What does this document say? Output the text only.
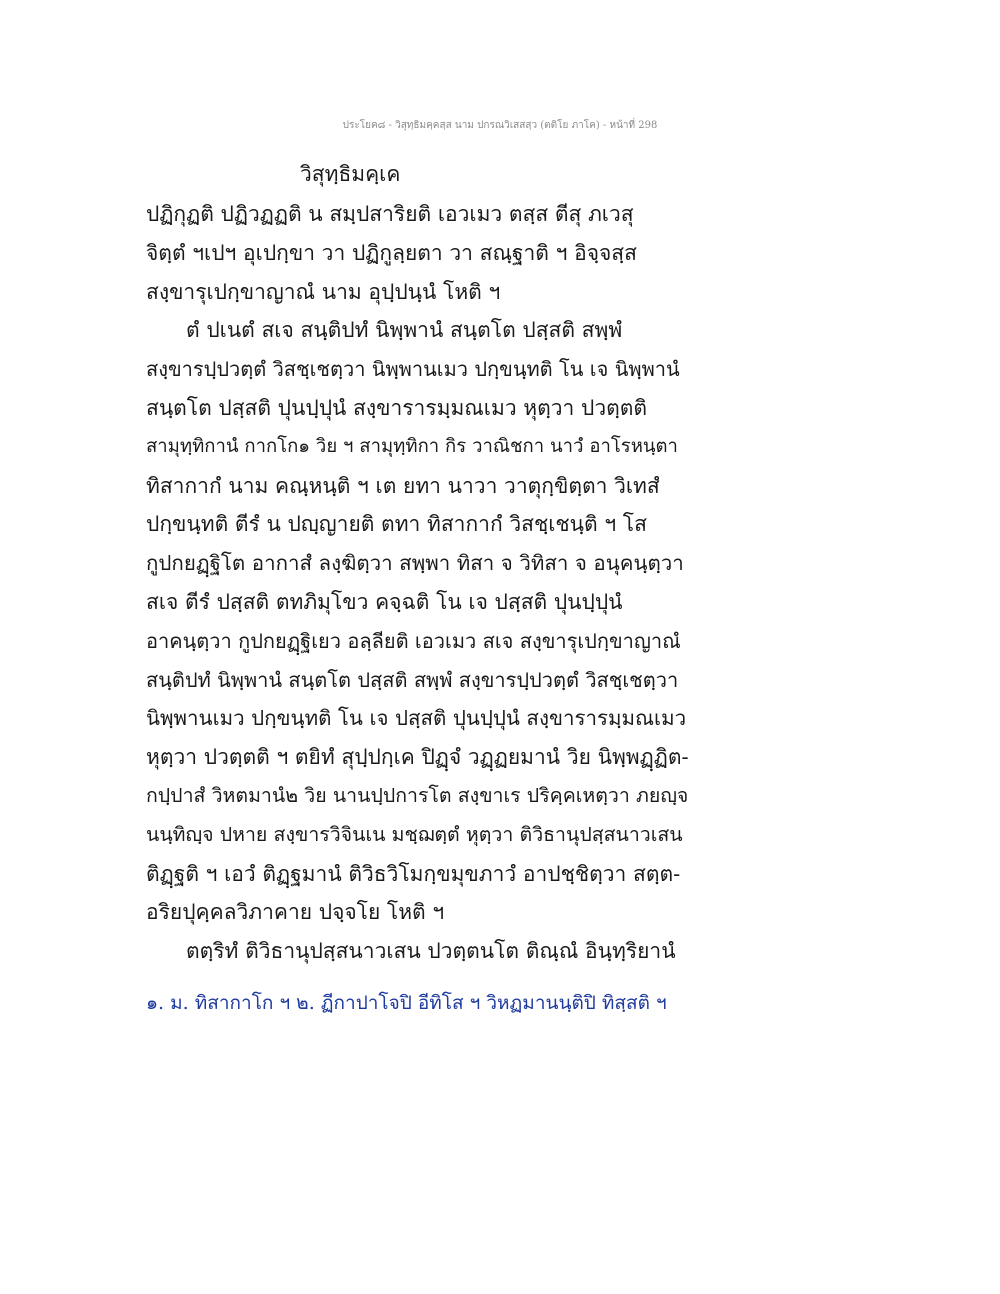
ประโยค๘ - วิสุทฺธิมคฺคสฺส นาม ปกรณวิเสสสฺว (ตติโย ภาโค) - หน้าที่ 298
วิสุทฺธิมคฺเค
ปฏิกุฏติ ปฏิวฏฏติ น สมฺปสาริยติ เอวเมว ตสฺส ตีสุ ภเวสุ
จิตฺตํ ฯเปฯ อุเปกฺขา วา ปฏิกูลฺยตา วา สณฺฐาติ ฯ อิจฺจสฺส
สงฺขารุเปกฺขาญาณํ นาม อุปฺปนฺนํ โหติ ฯ
ตํ ปเนตํ สเจ สนฺติปทํ นิพฺพานํ สนฺตโต ปสฺสติ สพฺพํ
สงฺขารปฺปวตฺตํ วิสชฺเชตฺวา นิพฺพานเมว ปกฺขนฺทติ โน เจ นิพฺพานํ
สนฺตโต ปสฺสติ ปุนปฺปุนํ สงฺขารารมฺมณเมว หุตฺวา ปวตฺตติ
สามุทฺทิกานํ กากโก๑ วิย ฯ สามุทฺทิกา กิร วาณิชกา นาวํ อาโรหนฺตา
ทิสากากํ นาม คณฺหนฺติ ฯ เต ยทา นาวา วาตุกฺขิตฺตา วิเทสํ
ปกฺขนฺทติ ตีรํ น ปญฺญายติ ตทา ทิสากากํ วิสชฺเชนฺติ ฯ โส
กูปกยฏฺฐิโต อากาสํ ลงฺฆิตฺวา สพฺพา ทิสา จ วิทิสา จ อนุคนฺตฺวา
สเจ ตีรํ ปสฺสติ ตทภิมุโขว คจฺฉติ โน เจ ปสฺสติ ปุนปฺปุนํ
อาคนฺตฺวา กูปกยฏฺฐิเยว อลฺลียติ เอวเมว สเจ สงฺขารุเปกฺขาญาณํ
สนฺติปทํ นิพฺพานํ สนฺตโต ปสฺสติ สพฺพํ สงฺขารปฺปวตฺตํ วิสชฺเชตฺวา
นิพฺพานเมว ปกฺขนฺทติ โน เจ ปสฺสติ ปุนปฺปุนํ สงฺขารารมฺมณเมว
หุตฺวา ปวตฺตติ ฯ ตยิทํ สุปฺปกฺเค ปิฏฺจํ วฏฺฏยมานํ วิย นิพฺพฏฺฏิต-
กปฺปาสํ วิหตมานํ๒ วิย นานปฺปการโต สงฺขาเร ปริคฺคเหตฺวา ภยญฺจ
นนฺทิญฺจ ปหาย สงฺขารวิจินเน มชฺฌตฺตํ หุตฺวา ติวิธานุปสฺสนาวเสน
ติฏฺฐติ ฯ เอวํ ติฏฺฐมานํ ติวิธวิโมกฺขมุขภาวํ อาปชฺชิตฺวา สตฺต-
อริยปุคฺคลวิภาคาย ปจฺจโย โหติ ฯ
ตตฺริทํ ติวิธานุปสฺสนาวเสน ปวตฺตนโต ติณฺณํ อินฺทฺริยานํ
๑. ม. ทิสากาโก ฯ ๒. ฏีกาปาโจปิ อีทิโส ฯ วิหฏมานนฺติปิ ทิสฺสติ ฯ
